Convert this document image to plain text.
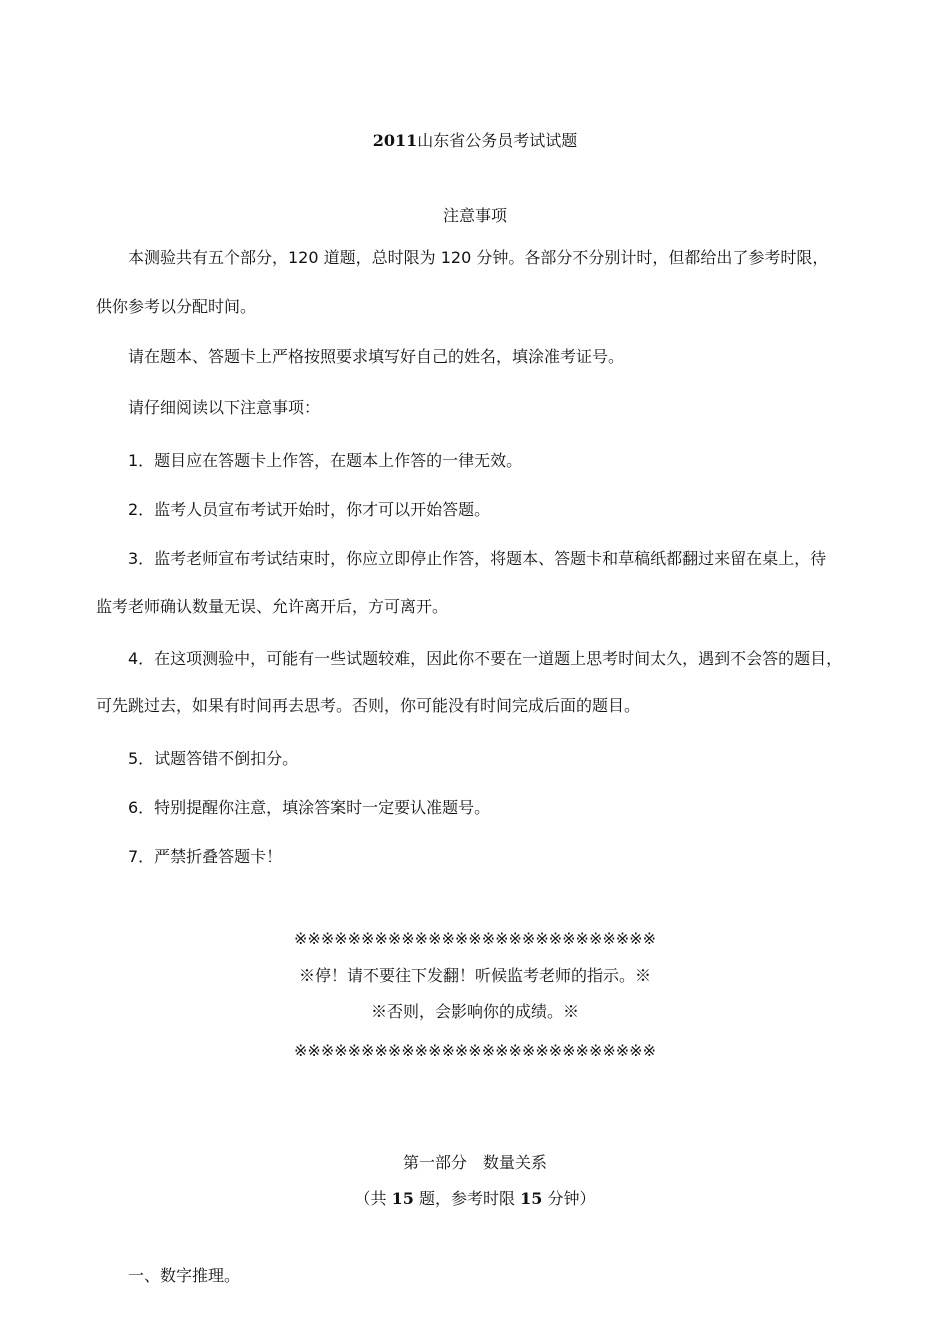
2011山东省公务员考试试题
注意事项
本测验共有五个部分，120 道题，总时限为 120 分钟。各部分不分别计时，但都给出了参考时限，
供你参考以分配时间。
请在题本、答题卡上严格按照要求填写好自己的姓名，填涂准考证号。
请仔细阅读以下注意事项：
1．题目应在答题卡上作答，在题本上作答的一律无效。
2．监考人员宣布考试开始时，你才可以开始答题。
3．监考老师宣布考试结束时，你应立即停止作答，将题本、答题卡和草稿纸都翻过来留在桌上，待
监考老师确认数量无误、允许离开后，方可离开。
4．在这项测验中，可能有一些试题较难，因此你不要在一道题上思考时间太久，遇到不会答的题目，
可先跳过去，如果有时间再去思考。否则，你可能没有时间完成后面的题目。
5．试题答错不倒扣分。
6．特别提醒你注意，填涂答案时一定要认准题号。
7．严禁折叠答题卡！
※※※※※※※※※※※※※※※※※※※※※※※※※※※
※停！请不要往下发翻！听候监考老师的指示。※
※否则，会影响你的成绩。※
※※※※※※※※※※※※※※※※※※※※※※※※※※※
第一部分　数量关系
（共 15 题，参考时限 15 分钟）
一、数字推理。
